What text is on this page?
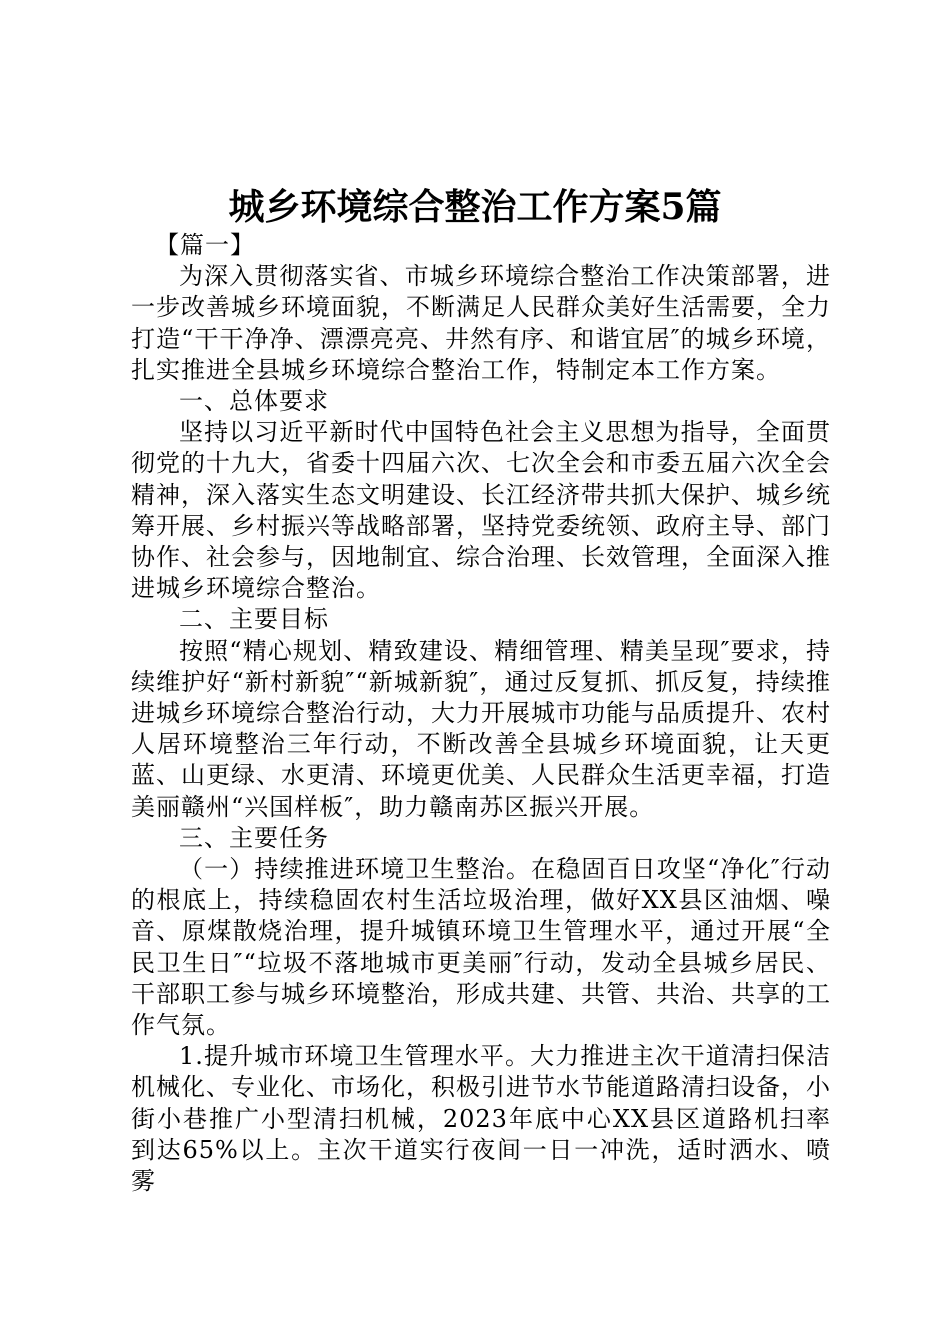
城乡环境综合整治工作方案5篇

【篇一】

为深入贯彻落实省、市城乡环境综合整治工作决策部署，进一步改善城乡环境面貌，不断满足人民群众美好生活需要，全力打造“干干净净、漂漂亮亮、井然有序、和谐宜居″的城乡环境，扎实推进全县城乡环境综合整治工作，特制定本工作方案。

一、总体要求

坚持以习近平新时代中国特色社会主义思想为指导，全面贯彻党的十九大，省委十四届六次、七次全会和市委五届六次全会精神，深入落实生态文明建设、长江经济带共抓大保护、城乡统筹开展、乡村振兴等战略部署，坚持党委统领、政府主导、部门协作、社会参与，因地制宜、综合治理、长效管理，全面深入推进城乡环境综合整治。

二、主要目标

按照“精心规划、精致建设、精细管理、精美呈现″要求，持续维护好“新村新貌″“新城新貌″，通过反复抓、抓反复，持续推进城乡环境综合整治行动，大力开展城市功能与品质提升、农村人居环境整治三年行动，不断改善全县城乡环境面貌，让天更蓝、山更绿、水更清、环境更优美、人民群众生活更幸福，打造美丽赣州“兴国样板″，助力赣南苏区振兴开展。

三、主要任务

（一）持续推进环境卫生整治。在稳固百日攻坚“净化″行动的根底上，持续稳固农村生活垃圾治理，做好XX县区油烟、噪音、原煤散烧治理，提升城镇环境卫生管理水平，通过开展“全民卫生日″“垃圾不落地城市更美丽″行动，发动全县城乡居民、干部职工参与城乡环境整治，形成共建、共管、共治、共享的工作气氛。

1.提升城市环境卫生管理水平。大力推进主次干道清扫保洁机械化、专业化、市场化，积极引进节水节能道路清扫设备，小街小巷推广小型清扫机械，2023年底中心XX县区道路机扫率到达65%以上。主次干道实行夜间一日一冲洗，适时洒水、喷雾
